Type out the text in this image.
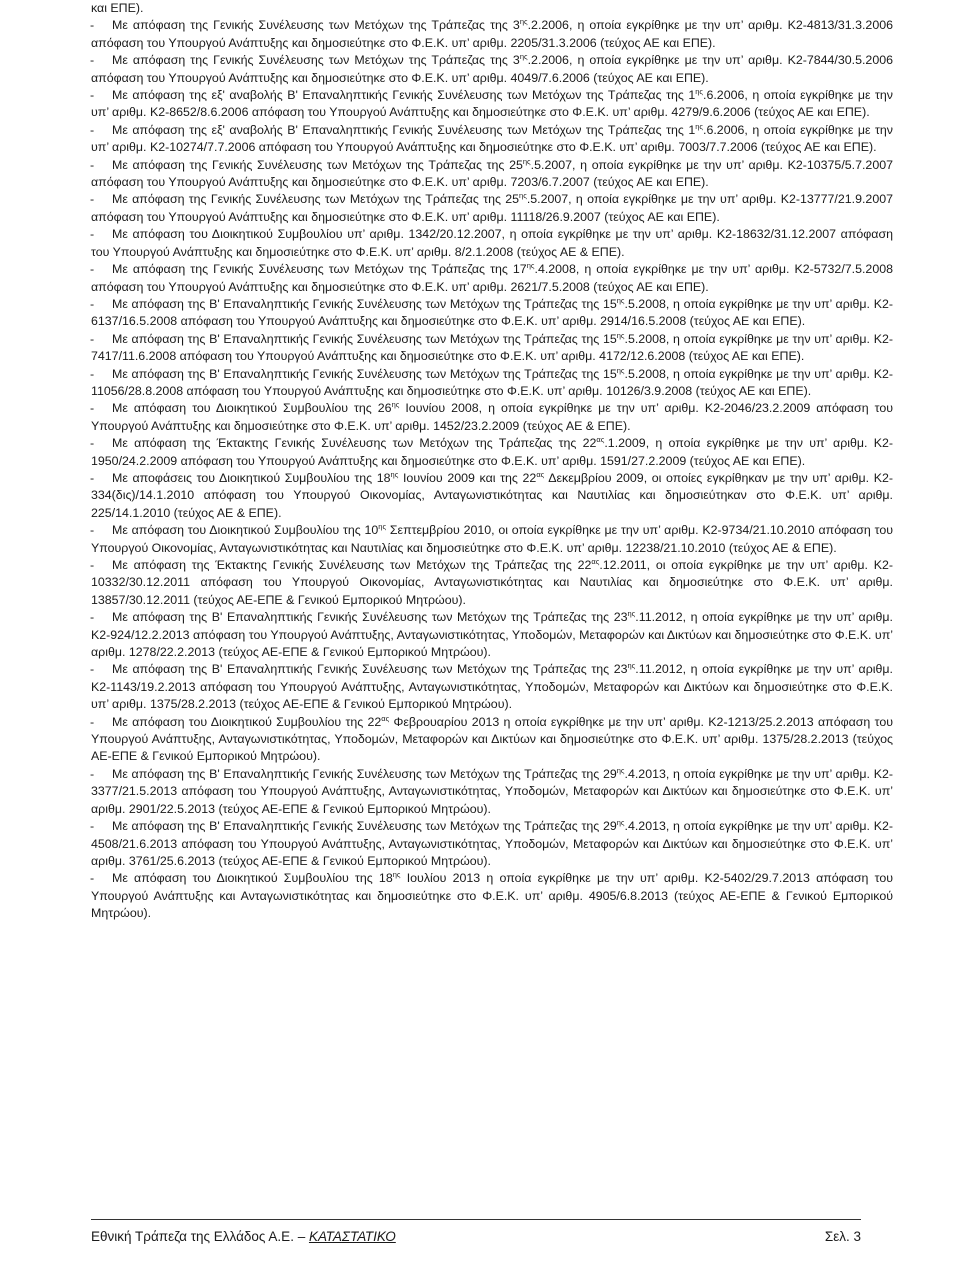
και ΕΠΕ).

- Με απόφαση της Γενικής Συνέλευσης των Μετόχων της Τράπεζας της $3^{\eta\varsigma}.2.2006$, η οποία εγκρίθηκε με την υπ’ αριθμ. Κ2-4813/31.3.2006 απόφαση του Υπουργού Ανάπτυξης και δημοσιεύτηκε στο Φ.Ε.Κ. υπ’ αριθμ. 2205/31.3.2006 (τεύχος ΑΕ και ΕΠΕ).

- Με απόφαση της Γενικής Συνέλευσης των Μετόχων της Τράπεζας της $3^{\eta\varsigma}.2.2006$, η οποία εγκρίθηκε με την υπ’ αριθμ. Κ2-7844/30.5.2006 απόφαση του Υπουργού Ανάπτυξης και δημοσιεύτηκε στο Φ.Ε.Κ. υπ’ αριθμ. 4049/7.6.2006 (τεύχος ΑΕ και ΕΠΕ).

- Με απόφαση της εξ' αναβολής Β' Επαναληπτικής Γενικής Συνέλευσης των Μετόχων της Τράπεζας της $1^{\eta\varsigma}.6.2006$, η οποία εγκρίθηκε με την υπ’ αριθμ. Κ2-8652/8.6.2006 απόφαση του Υπουργού Ανάπτυξης και δημοσιεύτηκε στο Φ.Ε.Κ. υπ’ αριθμ. 4279/9.6.2006 (τεύχος ΑΕ και ΕΠΕ).

- Με απόφαση της εξ' αναβολής Β' Επαναληπτικής Γενικής Συνέλευσης των Μετόχων της Τράπεζας της $1^{\eta\varsigma}.6.2006$, η οποία εγκρίθηκε με την υπ’ αριθμ. Κ2-10274/7.7.2006 απόφαση του Υπουργού Ανάπτυξης και δημοσιεύτηκε στο Φ.Ε.Κ. υπ’ αριθμ. 7003/7.7.2006 (τεύχος ΑΕ και ΕΠΕ).

- Με απόφαση της Γενικής Συνέλευσης των Μετόχων της Τράπεζας της $25^{\eta\varsigma}.5.2007$, η οποία εγκρίθηκε με την υπ’ αριθμ. Κ2-10375/5.7.2007 απόφαση του Υπουργού Ανάπτυξης και δημοσιεύτηκε στο Φ.Ε.Κ. υπ’ αριθμ. 7203/6.7.2007 (τεύχος ΑΕ και ΕΠΕ).

- Με απόφαση της Γενικής Συνέλευσης των Μετόχων της Τράπεζας της $25^{\eta\varsigma}.5.2007$, η οποία εγκρίθηκε με την υπ’ αριθμ. Κ2-13777/21.9.2007 απόφαση του Υπουργού Ανάπτυξης και δημοσιεύτηκε στο Φ.Ε.Κ. υπ’ αριθμ. 11118/26.9.2007 (τεύχος ΑΕ και ΕΠΕ).

- Με απόφαση του Διοικητικού Συμβουλίου υπ’ αριθμ. 1342/20.12.2007, η οποία εγκρίθηκε με την υπ’ αριθμ. Κ2-18632/31.12.2007 απόφαση του Υπουργού Ανάπτυξης και δημοσιεύτηκε στο Φ.Ε.Κ. υπ’ αριθμ. 8/2.1.2008 (τεύχος ΑΕ & ΕΠΕ).

- Με απόφαση της Γενικής Συνέλευσης των Μετόχων της Τράπεζας της $17^{\eta\varsigma}.4.2008$, η οποία εγκρίθηκε με την υπ’ αριθμ. Κ2-5732/7.5.2008 απόφαση του Υπουργού Ανάπτυξης και δημοσιεύτηκε στο Φ.Ε.Κ. υπ’ αριθμ. 2621/7.5.2008 (τεύχος ΑΕ και ΕΠΕ).

- Με απόφαση της Β' Επαναληπτικής Γενικής Συνέλευσης των Μετόχων της Τράπεζας της $15^{\eta\varsigma}.5.2008$, η οποία εγκρίθηκε με την υπ’ αριθμ. Κ2-6137/16.5.2008 απόφαση του Υπουργού Ανάπτυξης και δημοσιεύτηκε στο Φ.Ε.Κ. υπ’ αριθμ. 2914/16.5.2008 (τεύχος ΑΕ και ΕΠΕ).

- Με απόφαση της Β' Επαναληπτικής Γενικής Συνέλευσης των Μετόχων της Τράπεζας της $15^{\eta\varsigma}.5.2008$, η οποία εγκρίθηκε με την υπ’ αριθμ. Κ2-7417/11.6.2008 απόφαση του Υπουργού Ανάπτυξης και δημοσιεύτηκε στο Φ.Ε.Κ. υπ’ αριθμ. 4172/12.6.2008 (τεύχος ΑΕ και ΕΠΕ).

- Με απόφαση της Β' Επαναληπτικής Γενικής Συνέλευσης των Μετόχων της Τράπεζας της $15^{\eta\varsigma}.5.2008$, η οποία εγκρίθηκε με την υπ’ αριθμ. Κ2-11056/28.8.2008 απόφαση του Υπουργού Ανάπτυξης και δημοσιεύτηκε στο Φ.Ε.Κ. υπ’ αριθμ. 10126/3.9.2008 (τεύχος ΑΕ και ΕΠΕ).

- Με απόφαση του Διοικητικού Συμβουλίου της $26^{\eta\varsigma}$ Ιουνίου 2008, η οποία εγκρίθηκε με την υπ’ αριθμ. Κ2-2046/23.2.2009 απόφαση του Υπουργού Ανάπτυξης και δημοσιεύτηκε στο Φ.Ε.Κ. υπ’ αριθμ. 1452/23.2.2009 (τεύχος ΑΕ & ΕΠΕ).

- Με απόφαση της Έκτακτης Γενικής Συνέλευσης των Μετόχων της Τράπεζας της $22^{\alpha\varsigma}.1.2009$, η οποία εγκρίθηκε με την υπ’ αριθμ. Κ2-1950/24.2.2009 απόφαση του Υπουργού Ανάπτυξης και δημοσιεύτηκε στο Φ.Ε.Κ. υπ’ αριθμ. 1591/27.2.2009 (τεύχος ΑΕ και ΕΠΕ).

- Με αποφάσεις του Διοικητικού Συμβουλίου της $18^{\eta\varsigma}$ Ιουνίου 2009 και της $22^{\alpha\varsigma}$ Δεκεμβρίου 2009, οι οποίες εγκρίθηκαν με την υπ’ αριθμ. Κ2-334(δις)/14.1.2010 απόφαση του Υπουργού Οικονομίας, Ανταγωνιστικότητας και Ναυτιλίας και δημοσιεύτηκαν στο Φ.Ε.Κ. υπ’ αριθμ. 225/14.1.2010 (τεύχος ΑΕ & ΕΠΕ).

- Με απόφαση του Διοικητικού Συμβουλίου της $10^{\eta\varsigma}$ Σεπτεμβρίου 2010, οι οποία εγκρίθηκε με την υπ’ αριθμ. Κ2-9734/21.10.2010 απόφαση του Υπουργού Οικονομίας, Ανταγωνιστικότητας και Ναυτιλίας και δημοσιεύτηκε στο Φ.Ε.Κ. υπ’ αριθμ. 12238/21.10.2010 (τεύχος ΑΕ & ΕΠΕ).

- Με απόφαση της Έκτακτης Γενικής Συνέλευσης των Μετόχων της Τράπεζας της $22^{\alpha\varsigma}.12.2011$, οι οποία εγκρίθηκε με την υπ’ αριθμ. Κ2-10332/30.12.2011 απόφαση του Υπουργού Οικονομίας, Ανταγωνιστικότητας και Ναυτιλίας και δημοσιεύτηκε στο Φ.Ε.Κ. υπ’ αριθμ. 13857/30.12.2011 (τεύχος ΑΕ-ΕΠΕ & Γενικού Εμπορικού Μητρώου).

- Με απόφαση της Β' Επαναληπτικής Γενικής Συνέλευσης των Μετόχων της Τράπεζας της $23^{\eta\varsigma}.11.2012$, η οποία εγκρίθηκε με την υπ’ αριθμ. Κ2-924/12.2.2013 απόφαση του Υπουργού Ανάπτυξης, Ανταγωνιστικότητας, Υποδομών, Μεταφορών και Δικτύων και δημοσιεύτηκε στο Φ.Ε.Κ. υπ’ αριθμ. 1278/22.2.2013 (τεύχος ΑΕ-ΕΠΕ & Γενικού Εμπορικού Μητρώου).

- Με απόφαση της Β' Επαναληπτικής Γενικής Συνέλευσης των Μετόχων της Τράπεζας της $23^{\eta\varsigma}.11.2012$, η οποία εγκρίθηκε με την υπ’ αριθμ. Κ2-1143/19.2.2013 απόφαση του Υπουργού Ανάπτυξης, Ανταγωνιστικότητας, Υποδομών, Μεταφορών και Δικτύων και δημοσιεύτηκε στο Φ.Ε.Κ. υπ’ αριθμ. 1375/28.2.2013 (τεύχος ΑΕ-ΕΠΕ & Γενικού Εμπορικού Μητρώου).

- Με απόφαση του Διοικητικού Συμβουλίου της $22^{\alpha\varsigma}$ Φεβρουαρίου 2013 η οποία εγκρίθηκε με την υπ’ αριθμ. Κ2-1213/25.2.2013 απόφαση του Υπουργού Ανάπτυξης, Ανταγωνιστικότητας, Υποδομών, Μεταφορών και Δικτύων και δημοσιεύτηκε στο Φ.Ε.Κ. υπ’ αριθμ. 1375/28.2.2013 (τεύχος ΑΕ-ΕΠΕ & Γενικού Εμπορικού Μητρώου).

- Με απόφαση της Β' Επαναληπτικής Γενικής Συνέλευσης των Μετόχων της Τράπεζας της $29^{\eta\varsigma}.4.2013$, η οποία εγκρίθηκε με την υπ’ αριθμ. Κ2-3377/21.5.2013 απόφαση του Υπουργού Ανάπτυξης, Ανταγωνιστικότητας, Υποδομών, Μεταφορών και Δικτύων και δημοσιεύτηκε στο Φ.Ε.Κ. υπ’ αριθμ. 2901/22.5.2013 (τεύχος ΑΕ-ΕΠΕ & Γενικού Εμπορικού Μητρώου).

- Με απόφαση της Β' Επαναληπτικής Γενικής Συνέλευσης των Μετόχων της Τράπεζας της $29^{\eta\varsigma}.4.2013$, η οποία εγκρίθηκε με την υπ’ αριθμ. Κ2-4508/21.6.2013 απόφαση του Υπουργού Ανάπτυξης, Ανταγωνιστικότητας, Υποδομών, Μεταφορών και Δικτύων και δημοσιεύτηκε στο Φ.Ε.Κ. υπ’ αριθμ. 3761/25.6.2013 (τεύχος ΑΕ-ΕΠΕ & Γενικού Εμπορικού Μητρώου).

- Με απόφαση του Διοικητικού Συμβουλίου της $18^{\eta\varsigma}$ Ιουλίου 2013 η οποία εγκρίθηκε με την υπ’ αριθμ. Κ2-5402/29.7.2013 απόφαση του Υπουργού Ανάπτυξης και Ανταγωνιστικότητας και δημοσιεύτηκε στο Φ.Ε.Κ. υπ’ αριθμ. 4905/6.8.2013 (τεύχος ΑΕ-ΕΠΕ & Γενικού Εμπορικού Μητρώου).

Εθνική Τράπεζα της Ελλάδος Α.Ε. – ΚΑΤΑΣΤΑΤΙΚΟ	Σελ. 3
